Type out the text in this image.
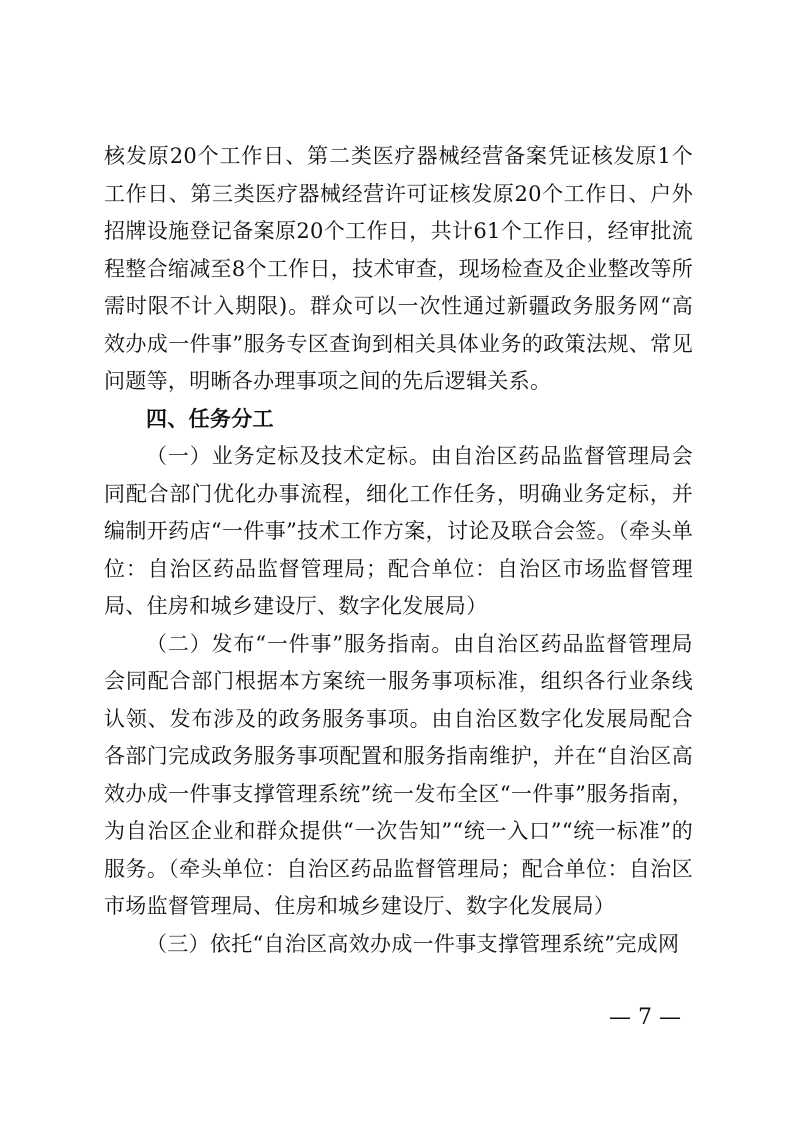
核发原20个工作日、第二类医疗器械经营备案凭证核发原1个工作日、第三类医疗器械经营许可证核发原20个工作日、户外招牌设施登记备案原20个工作日，共计61个工作日，经审批流程整合缩减至8个工作日，技术审查，现场检查及企业整改等所需时限不计入期限)。群众可以一次性通过新疆政务服务网“高效办成一件事”服务专区查询到相关具体业务的政策法规、常见问题等，明晰各办理事项之间的先后逻辑关系。

四、任务分工

（一）业务定标及技术定标。由自治区药品监督管理局会同配合部门优化办事流程，细化工作任务，明确业务定标，并编制开药店“一件事”技术工作方案，讨论及联合会签。（牵头单位：自治区药品监督管理局；配合单位：自治区市场监督管理局、住房和城乡建设厅、数字化发展局）

（二）发布“一件事”服务指南。由自治区药品监督管理局会同配合部门根据本方案统一服务事项标准，组织各行业条线认领、发布涉及的政务服务事项。由自治区数字化发展局配合各部门完成政务服务事项配置和服务指南维护，并在“自治区高效办成一件事支撑管理系统”统一发布全区“一件事”服务指南，为自治区企业和群众提供“一次告知”“统一入口”“统一标准”的服务。（牵头单位：自治区药品监督管理局；配合单位：自治区市场监督管理局、住房和城乡建设厅、数字化发展局）

（三）依托“自治区高效办成一件事支撑管理系统”完成网

— 7 —
